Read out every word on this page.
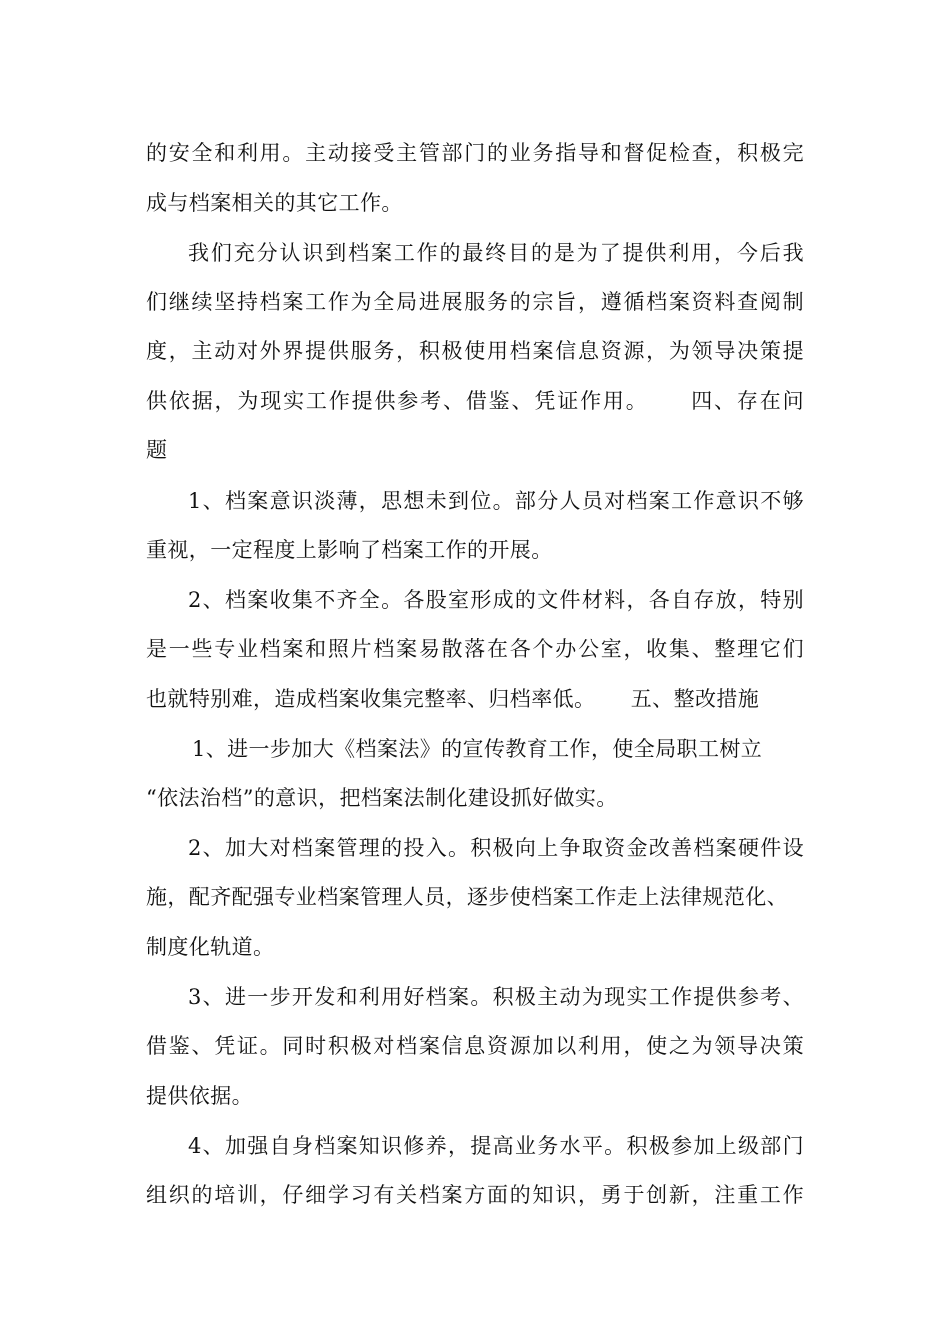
的安全和利用。主动接受主管部门的业务指导和督促检查，积极完
成与档案相关的其它工作。
我们充分认识到档案工作的最终目的是为了提供利用，今后我
们继续坚持档案工作为全局进展服务的宗旨，遵循档案资料查阅制
度，主动对外界提供服务，积极使用档案信息资源，为领导决策提
供依据，为现实工作提供参考、借鉴、凭证作用。     四、存在问
题
1、档案意识淡薄，思想未到位。部分人员对档案工作意识不够
重视，一定程度上影响了档案工作的开展。
2、档案收集不齐全。各股室形成的文件材料，各自存放，特别
是一些专业档案和照片档案易散落在各个办公室，收集、整理它们
也就特别难，造成档案收集完整率、归档率低。     五、整改措施
1、进一步加大《档案法》的宣传教育工作，使全局职工树立
“依法治档”的意识，把档案法制化建设抓好做实。
2、加大对档案管理的投入。积极向上争取资金改善档案硬件设
施，配齐配强专业档案管理人员，逐步使档案工作走上法律规范化、
制度化轨道。
3、进一步开发和利用好档案。积极主动为现实工作提供参考、
借鉴、凭证。同时积极对档案信息资源加以利用，使之为领导决策
提供依据。
4、加强自身档案知识修养，提高业务水平。积极参加上级部门
组织的培训，仔细学习有关档案方面的知识，勇于创新，注重工作
